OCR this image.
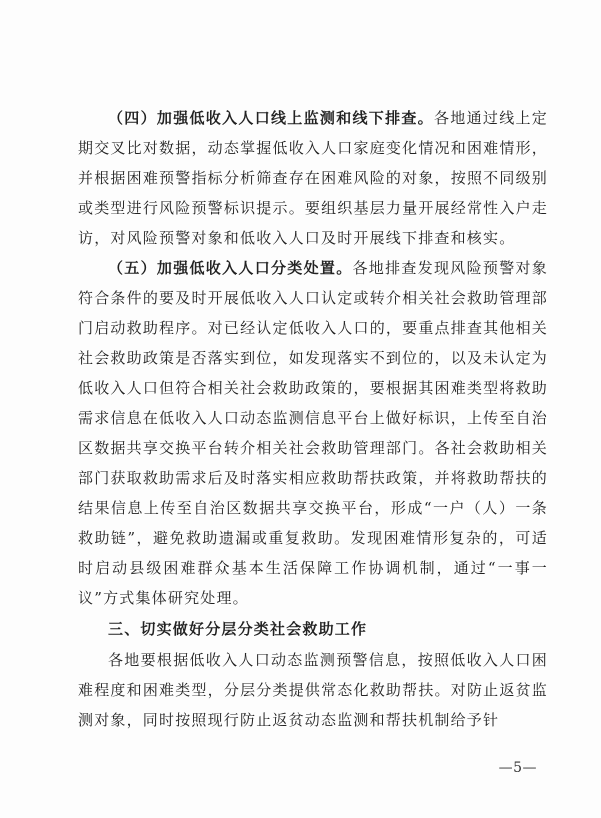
（四）加强低收入人口线上监测和线下排查。各地通过线上定期交叉比对数据，动态掌握低收入人口家庭变化情况和困难情形，并根据困难预警指标分析筛查存在困难风险的对象，按照不同级别或类型进行风险预警标识提示。要组织基层力量开展经常性入户走访，对风险预警对象和低收入人口及时开展线下排查和核实。

（五）加强低收入人口分类处置。各地排查发现风险预警对象符合条件的要及时开展低收入人口认定或转介相关社会救助管理部门启动救助程序。对已经认定低收入人口的，要重点排查其他相关社会救助政策是否落实到位，如发现落实不到位的，以及未认定为低收入人口但符合相关社会救助政策的，要根据其困难类型将救助需求信息在低收入人口动态监测信息平台上做好标识，上传至自治区数据共享交换平台转介相关社会救助管理部门。各社会救助相关部门获取救助需求后及时落实相应救助帮扶政策，并将救助帮扶的结果信息上传至自治区数据共享交换平台，形成“一户（人）一条救助链”，避免救助遗漏或重复救助。发现困难情形复杂的，可适时启动县级困难群众基本生活保障工作协调机制，通过“一事一议”方式集体研究处理。

三、切实做好分层分类社会救助工作

各地要根据低收入人口动态监测预警信息，按照低收入人口困难程度和困难类型，分层分类提供常态化救助帮扶。对防止返贫监测对象，同时按照现行防止返贫动态监测和帮扶机制给予针

—5—
